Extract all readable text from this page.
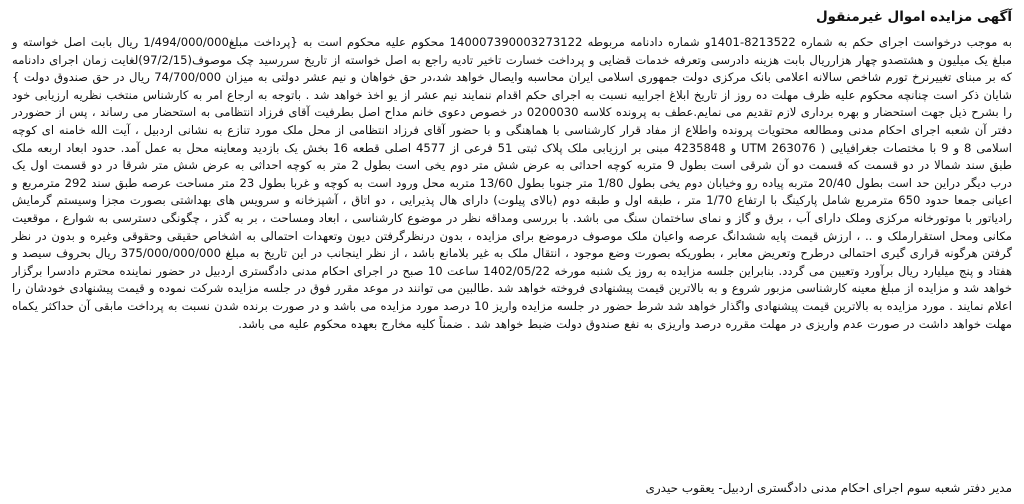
آگهی مزایده اموال غیرمنقول

به موجب درخواست اجرای حکم به شماره 8213522-1401و شماره دادنامه مربوطه 140007390003273122 محکوم علیه محکوم است به {پرداخت مبلغ1/494/000/000 ریال بابت اصل خواسته و مبلغ یک میلیون و هشتصدو چهار هزارریال بابت هزینه دادرسی وتعرفه خدمات قضایی و پرداخت خسارت تاخیر تادیه راجع به اصل خواسته از تاریخ سررسید چک موصوف(97/2/15)لغایت زمان اجرای دادنامه که بر مبنای تغییرنرخ تورم شاخص سالانه اعلامی بانک مرکزی دولت جمهوری اسلامی ایران محاسبه وایصال خواهد شد،در حق خواهان و نیم عشر دولتی به میزان 74/700/000 ریال در حق صندوق دولت } شایان ذکر است چنانچه محکوم علیه ظرف مهلت ده روز از تاریخ ابلاغ اجراییه نسبت به اجرای حکم اقدام ننمایند نیم عشر از یو اخذ خواهد شد . باتوجه به ارجاع امر به کارشناس منتخب نظریه ارزیابی خود را بشرح ذیل جهت استحضار و بهره برداری لازم تقدیم می نمایم.عطف به پرونده کلاسه 0200030 در خصوص دعوی خانم مداح اصل بطرفیت آقای فرزاد انتظامی به استحضار می رساند ، پس از حضوردر دفتر آن شعبه اجرای احکام مدنی ومطالعه محتویات پرونده واطلاع از مفاد قرار کارشناسی با هماهنگی و با حضور آقای فرزاد انتظامی از محل ملک مورد تنازع به نشانی اردبیل ، آیت الله خامنه ای کوچه اسلامی 8 و 9 با مختصات جغرافیایی ( 263076 UTM و 4235848 مبنی بر ارزیابی ملک پلاک ثبتی 51 فرعی از 4577 اصلی قطعه 16 بخش یک بازدید ومعاینه محل به عمل آمد. حدود ابعاد اربعه ملک طبق سند شمالا در دو قسمت که قسمت دو آن شرقی است بطول 9 متربه کوچه احداثی به عرض شش متر دوم یخی است بطول 2 متر به کوچه احداثی به عرض شش متر شرقا در دو قسمت اول یک درب دیگر دراین حد است بطول 20/40 متربه پیاده رو وخیابان دوم یخی بطول 1/80 متر جنوبا بطول 13/60 متربه محل ورود است به کوچه و غربا بطول 23 متر مساحت عرصه طبق سند 292 مترمربع و اعیانی جمعا حدود 650 مترمربع شامل پارکینگ با ارتفاع 1/70 متر ، طبقه اول و طبقه دوم (بالای پیلوت) دارای هال پذیرایی ، دو اتاق ، آشپزخانه و سرویس های بهداشتی بصورت مجزا وسیستم گرمایش رادیاتور با موتورخانه مرکزی وملک دارای آب ، برق و گاز و نمای ساختمان سنگ می باشد. با بررسی ومداقه نظر در موضوع کارشناسی ، ابعاد ومساحت ، بر به گذر ، چگونگی دسترسی به شوارع ، موقعیت مکانی ومحل استقرارملک و .. ، ارزش قیمت پایه ششدانگ عرصه واعیان ملک موصوف درموضع برای مزایده ، بدون درنظرگرفتن دیون وتعهدات احتمالی به اشخاص حقیقی وحقوقی وغیره و بدون در نظر گرفتن هرگونه قراری گیری احتمالی درطرح وتعریض معابر ، بطوریکه بصورت وضع موجود ، انتقال ملک به غیر بلامانع باشد ، از نظر اینجانب در این تاریخ به مبلغ 375/000/000/000 ریال بحروف سیصد و هفتاد و پنج میلیارد ریال برآورد وتعیین می گردد. بنابراین جلسه مزایده به روز یک شنبه مورخه 1402/05/22 ساعت 10 صبح در اجرای احکام مدنی دادگستری اردبیل در حضور نماینده محترم دادسرا برگزار خواهد شد و مزایده از مبلغ معینه کارشناسی مزبور شروع و به بالاترین قیمت پیشنهادی فروخته خواهد شد .طالبین می توانند در موعد مقرر فوق در جلسه مزایده شرکت نموده و قیمت پیشنهادی خودشان را اعلام نمایند . مورد مزایده به بالاترین قیمت پیشنهادی واگذار خواهد شد شرط حضور در جلسه مزایده واریز 10 درصد مورد مزایده می باشد و در صورت برنده شدن نسبت به پرداخت مابقی آن حداکثر یکماه مهلت خواهد داشت در صورت عدم واریزی در مهلت مقرره درصد واریزی به نفع صندوق دولت ضبط خواهد شد . ضمناً کلیه مخارج بعهده محکوم علیه می باشد.

مدیر دفتر شعبه سوم اجرای احکام مدنی دادگستری اردبیل- یعقوب حیدری
